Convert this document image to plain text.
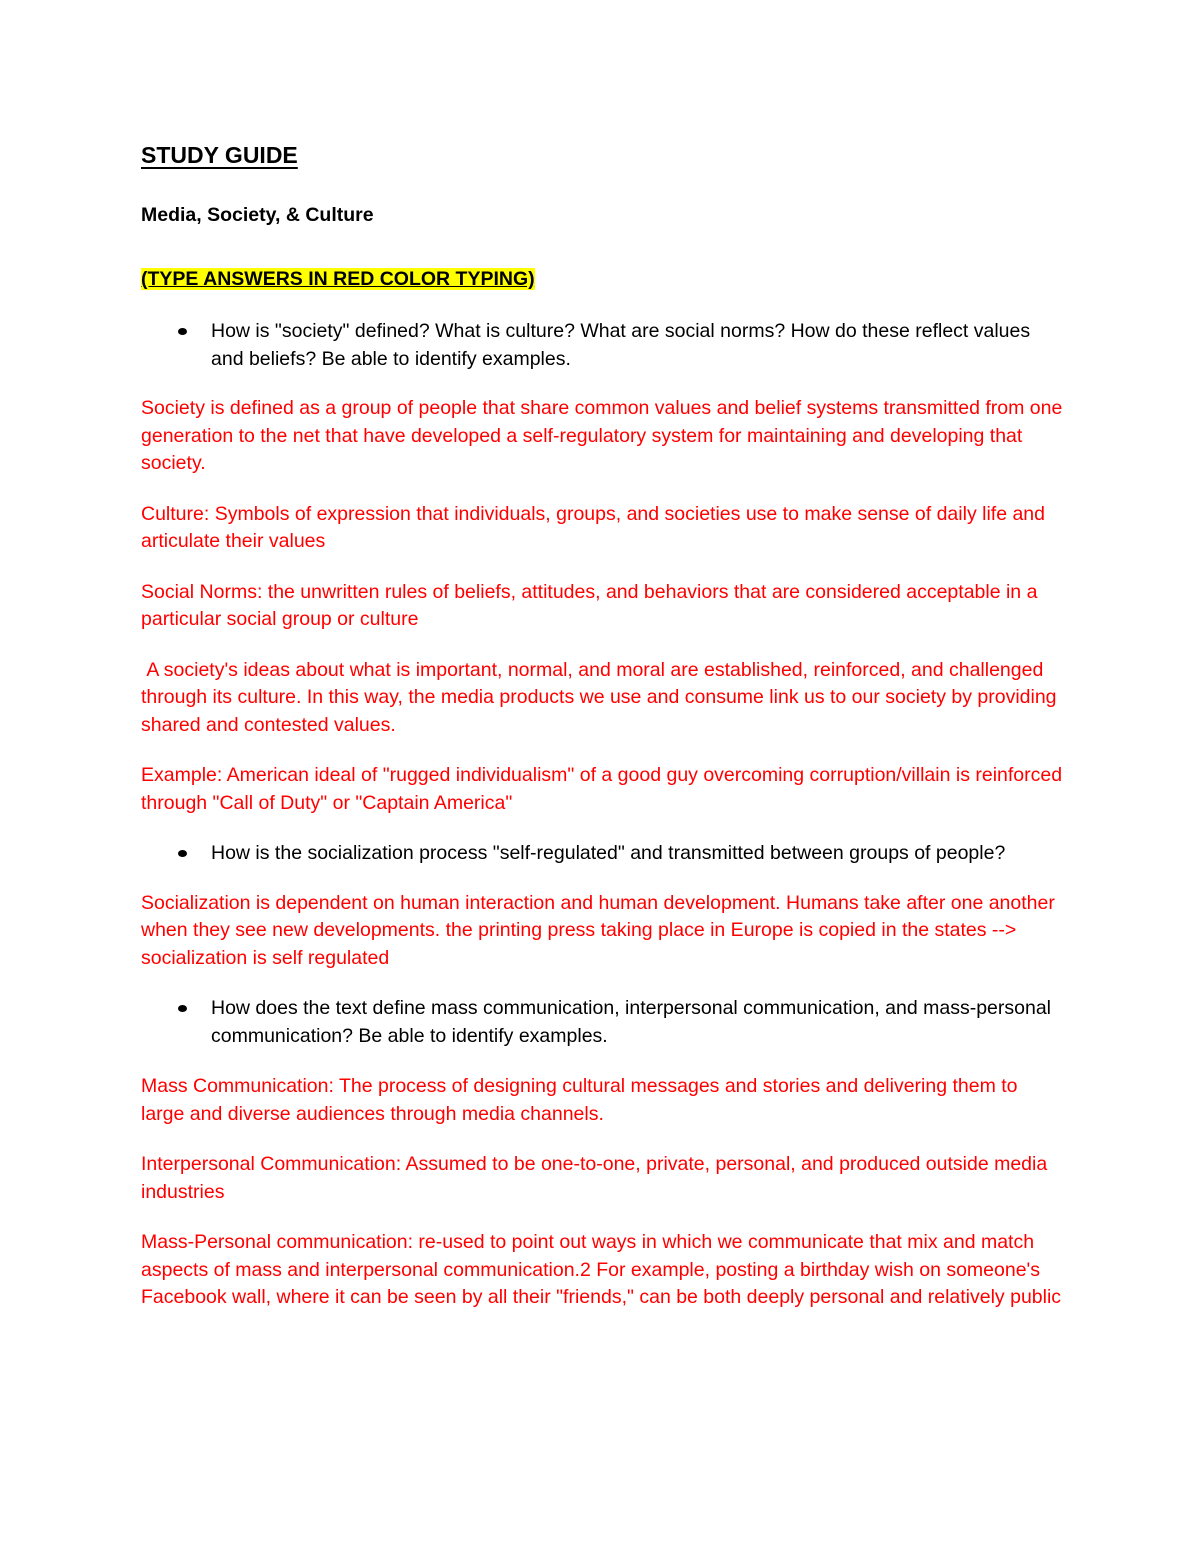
STUDY GUIDE

Media, Society, & Culture

(TYPE ANSWERS IN RED COLOR TYPING)

How is "society" defined? What is culture? What are social norms? How do these reflect values and beliefs? Be able to identify examples.

Society is defined as a group of people that share common values and belief systems transmitted from one generation to the net that have developed a self-regulatory system for maintaining and developing that society.

Culture: Symbols of expression that individuals, groups, and societies use to make sense of daily life and articulate their values

Social Norms: the unwritten rules of beliefs, attitudes, and behaviors that are considered acceptable in a particular social group or culture

A society's ideas about what is important, normal, and moral are established, reinforced, and challenged through its culture. In this way, the media products we use and consume link us to our society by providing shared and contested values.

Example: American ideal of "rugged individualism" of a good guy overcoming corruption/villain is reinforced through "Call of Duty" or "Captain America"

How is the socialization process "self-regulated" and transmitted between groups of people?

Socialization is dependent on human interaction and human development. Humans take after one another when they see new developments. the printing press taking place in Europe is copied in the states --> socialization is self regulated

How does the text define mass communication, interpersonal communication, and mass-personal communication? Be able to identify examples.

Mass Communication: The process of designing cultural messages and stories and delivering them to large and diverse audiences through media channels.

Interpersonal Communication: Assumed to be one-to-one, private, personal, and produced outside media industries

Mass-Personal communication: re-used to point out ways in which we communicate that mix and match aspects of mass and interpersonal communication.2 For example, posting a birthday wish on someone's Facebook wall, where it can be seen by all their "friends," can be both deeply personal and relatively public
